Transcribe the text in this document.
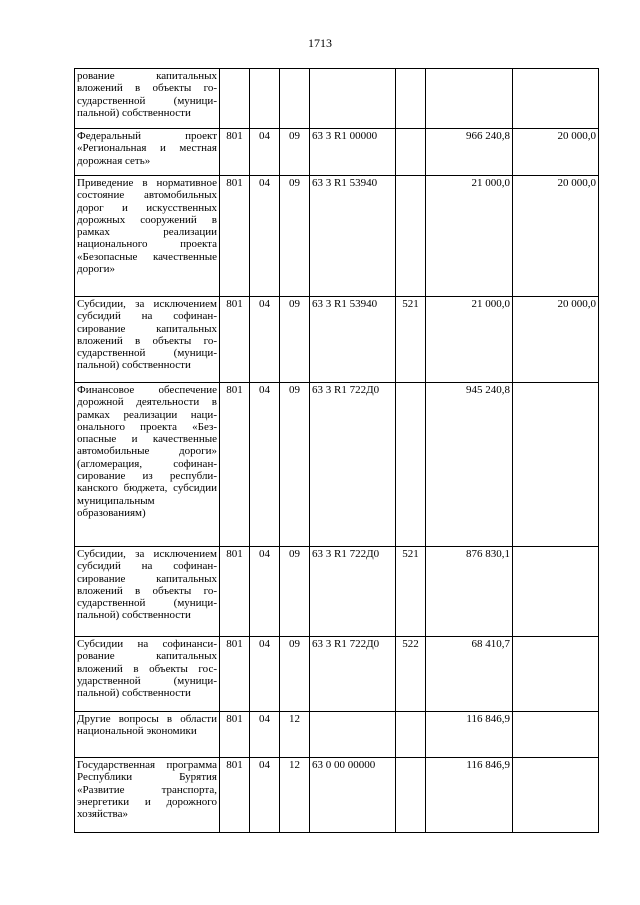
1713
рование капитальных вложений в объекты государственной (муниципальной) собственности							
Федеральный проект «Региональная и местная дорожная сеть»	801	04	09	63 3 R1 00000		966 240,8	20 000,0
Приведение в нормативное состояние автомобильных дорог и искусственных дорожных сооружений в рамках реализации национального проекта «Безопасные качественные дороги»	801	04	09	63 3 R1 53940		21 000,0	20 000,0
Субсидии, за исключением субсидий на софинансирование капитальных вложений в объекты государственной (муниципальной) собственности	801	04	09	63 3 R1 53940	521	21 000,0	20 000,0
Финансовое обеспечение дорожной деятельности в рамках реализации национального проекта «Безопасные и качественные автомобильные дороги» (агломерация, софинансирование из республиканского бюджета, субсидии муниципальным образованиям)	801	04	09	63 3 R1 722Д0		945 240,8	
Субсидии, за исключением субсидий на софинансирование капитальных вложений в объекты государственной (муниципальной) собственности	801	04	09	63 3 R1 722Д0	521	876 830,1	
Субсидии на софинансирование капитальных вложений в объекты государственной (муниципальной) собственности	801	04	09	63 3 R1 722Д0	522	68 410,7	
Другие вопросы в области национальной экономики	801	04	12			116 846,9	
Государственная программа Республики Бурятия «Развитие транспорта, энергетики и дорожного хозяйства»	801	04	12	63 0 00 00000		116 846,9	
